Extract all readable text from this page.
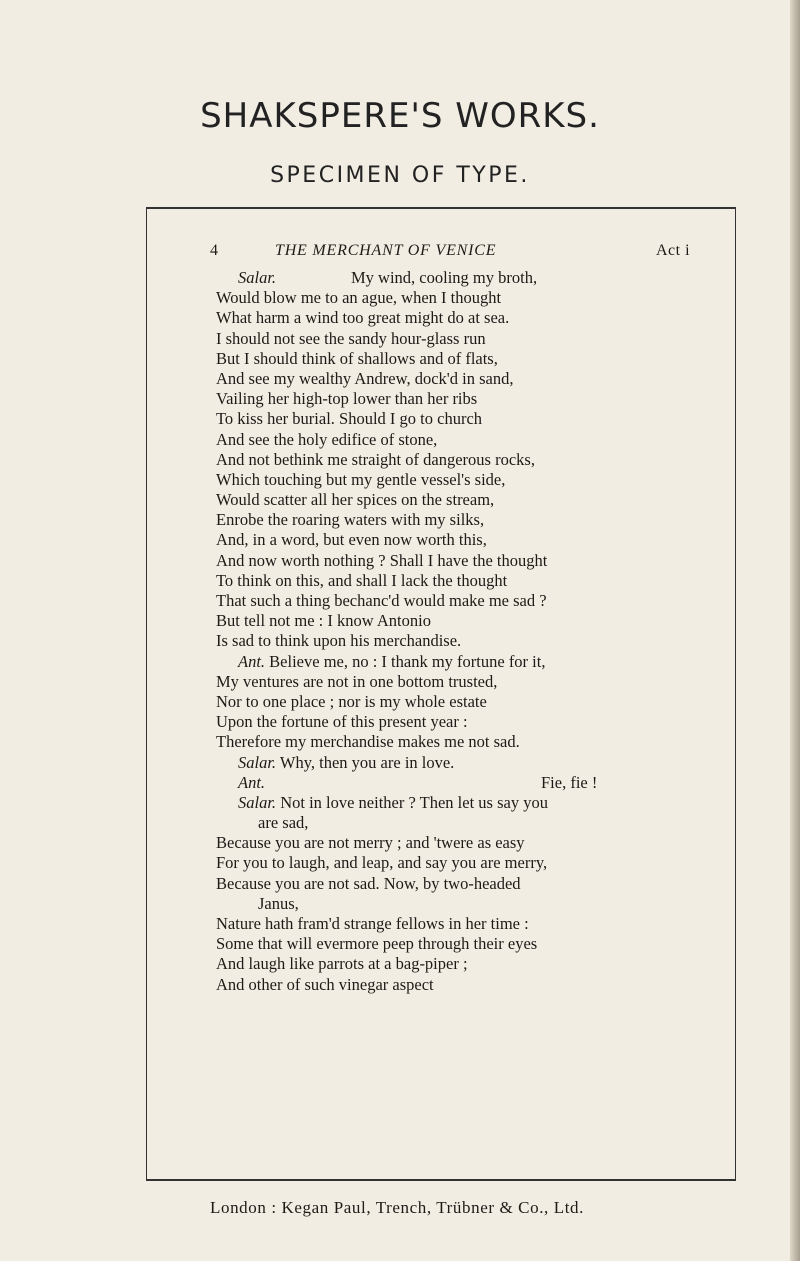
SHAKSPERE'S WORKS.
SPECIMEN OF TYPE.
4	THE MERCHANT OF VENICE	Act i
Salar.	My wind, cooling my broth,
Would blow me to an ague, when I thought
What harm a wind too great might do at sea.
I should not see the sandy hour-glass run
But I should think of shallows and of flats,
And see my wealthy Andrew, dock'd in sand,
Vailing her high-top lower than her ribs
To kiss her burial. Should I go to church
And see the holy edifice of stone,
And not bethink me straight of dangerous rocks,
Which touching but my gentle vessel's side,
Would scatter all her spices on the stream,
Enrobe the roaring waters with my silks,
And, in a word, but even now worth this,
And now worth nothing ? Shall I have the thought
To think on this, and shall I lack the thought
That such a thing bechanc'd would make me sad ?
But tell not me : I know Antonio
Is sad to think upon his merchandise.
Ant. Believe me, no : I thank my fortune for it,
My ventures are not in one bottom trusted,
Nor to one place ; nor is my whole estate
Upon the fortune of this present year :
Therefore my merchandise makes me not sad.
Salar. Why, then you are in love.
Ant.	Fie, fie !
Salar. Not in love neither ? Then let us say you
are sad,
Because you are not merry ; and 'twere as easy
For you to laugh, and leap, and say you are merry,
Because you are not sad. Now, by two-headed
Janus,
Nature hath fram'd strange fellows in her time :
Some that will evermore peep through their eyes
And laugh like parrots at a bag-piper ;
And other of such vinegar aspect
London : Kegan Paul, Trench, Trübner & Co., Ltd.
